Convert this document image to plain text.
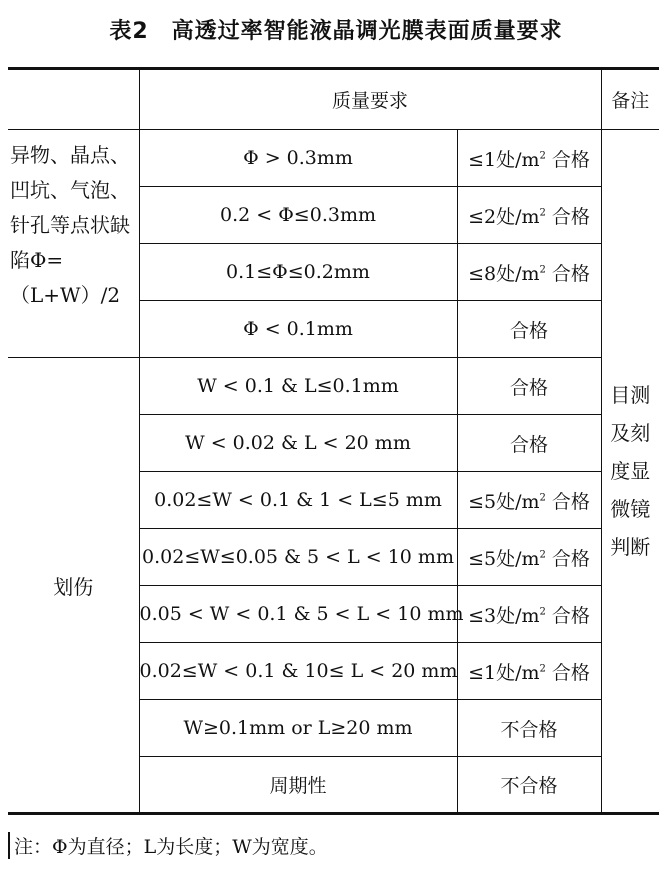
表2　高透过率智能液晶调光膜表面质量要求
	质量要求		备注
异物、晶点、凹坑、气泡、针孔等点状缺陷Φ=（L+W）/2	Φ > 0.3mm	≤1处$/m^2$ 合格	目测及刻度显微镜判断
	0.2 < Φ≤0.3mm	≤2处$/m^2$ 合格	
	0.1≤Φ≤0.2mm	≤8处$/m^2$ 合格	
	Φ < 0.1mm	合格	
划伤	W < 0.1 & L≤0.1mm	合格	
	W < 0.02 & L < 20 mm	合格	
	0.02≤W < 0.1 & 1 < L≤5 mm	≤5处$/m^2$ 合格	
	0.02≤W≤0.05 & 5 < L < 10 mm	≤5处$/m^2$ 合格	
	0.05 < W < 0.1 & 5 < L < 10 mm	≤3处$/m^2$ 合格	
	0.02≤W < 0.1 & 10≤ L < 20 mm	≤1处$/m^2$ 合格	
	W≥0.1mm or L≥20 mm	不合格	
	周期性	不合格	
注：Φ为直径；L为长度；W为宽度。
